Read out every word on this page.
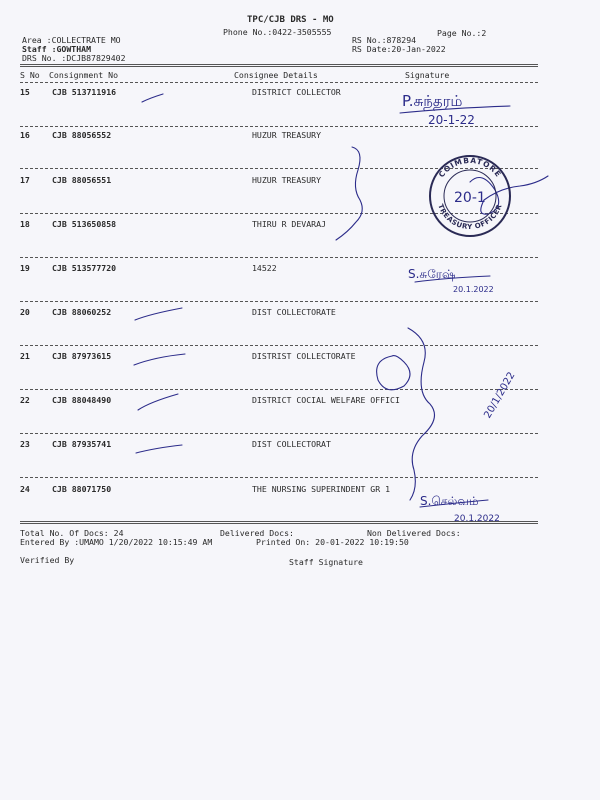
TPC/CJB DRS - MO
Phone No.:0422-3505555
Area :COLLECTRATE MO
Staff :GOWTHAM
DRS No. :DCJB87829402
RS No.:878294
RS Date:20-Jan-2022
Page No.:2
S No Consignment No	Consignee Details	Signature
15	CJB 513711916	DISTRICT COLLECTOR
16	CJB 88056552	HUZUR TREASURY
17	CJB 88056551	HUZUR TREASURY
18	CJB 513650858	THIRU R DEVARAJ
19	CJB 513577720	14522
20	CJB 88060252	DIST COLLECTORATE
21	CJB 87973615	DISTRIST COLLECTORATE
22	CJB 88048490	DISTRICT COCIAL WELFARE OFFICI
23	CJB 87935741	DIST COLLECTORAT
24	CJB 88071750	THE NURSING SUPERINDENT GR 1
Total No. Of Docs: 24	Delivered Docs:	Non Delivered Docs:
Entered By :UMAMO 1/20/2022 10:15:49 AM	Printed On: 20-01-2022 10:19:50
Verified By	Staff Signature
COIMBATORE
TREASURY OFFICER
20-1
P.சுந்தரம்
20-1-22
S.சுரேஷ்
20.1.2022
20/1/2022
S.செல்வம்
20.1.2022
